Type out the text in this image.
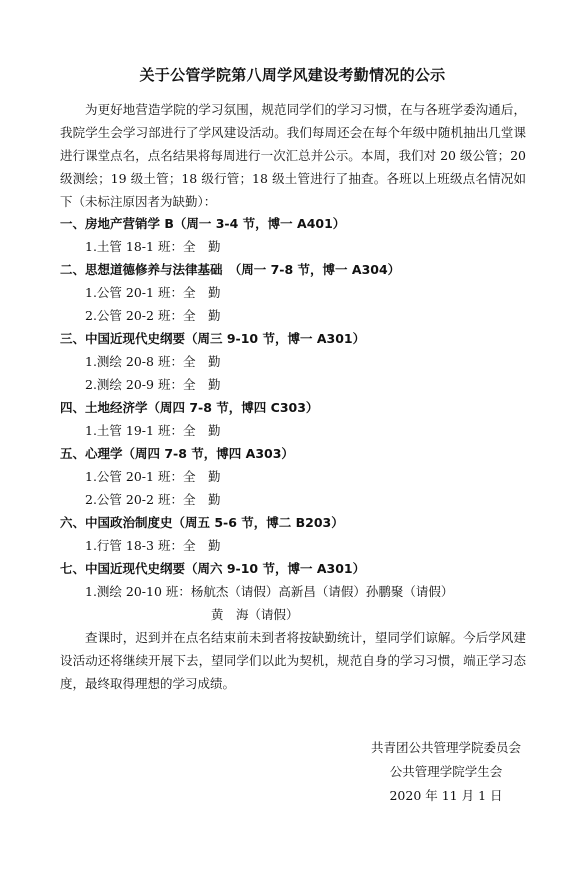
关于公管学院第八周学风建设考勤情况的公示
为更好地营造学院的学习氛围，规范同学们的学习习惯，在与各班学委沟通后，我院学生会学习部进行了学风建设活动。我们每周还会在每个年级中随机抽出几堂课进行课堂点名，点名结果将每周进行一次汇总并公示。本周，我们对 20 级公管；20 级测绘；19 级土管；18 级行管；18 级土管进行了抽查。各班以上班级点名情况如下（未标注原因者为缺勤）：
一、房地产营销学 B（周一 3-4 节，博一 A401）
1.土管 18-1 班：全　勤
二、思想道德修养与法律基础　（周一 7-8 节，博一 A304）
1.公管 20-1 班：全　勤
2.公管 20-2 班：全　勤
三、中国近现代史纲要（周三 9-10 节，博一 A301）
1.测绘 20-8 班：全　勤
2.测绘 20-9 班：全　勤
四、土地经济学（周四 7-8 节，博四 C303）
1.土管 19-1 班：全　勤
五、心理学（周四 7-8 节，博四 A303）
1.公管 20-1 班：全　勤
2.公管 20-2 班：全　勤
六、中国政治制度史（周五 5-6 节，博二 B203）
1.行管 18-3 班：全　勤
七、中国近现代史纲要（周六 9-10 节，博一 A301）
1.测绘 20-10 班：杨航杰（请假）高新昌（请假）孙鹏聚（请假）
黄　海（请假）
查课时，迟到并在点名结束前未到者将按缺勤统计，望同学们谅解。今后学风建设活动还将继续开展下去，望同学们以此为契机，规范自身的学习习惯，端正学习态度，最终取得理想的学习成绩。
共青团公共管理学院委员会
公共管理学院学生会
2020 年 11 月 1 日
